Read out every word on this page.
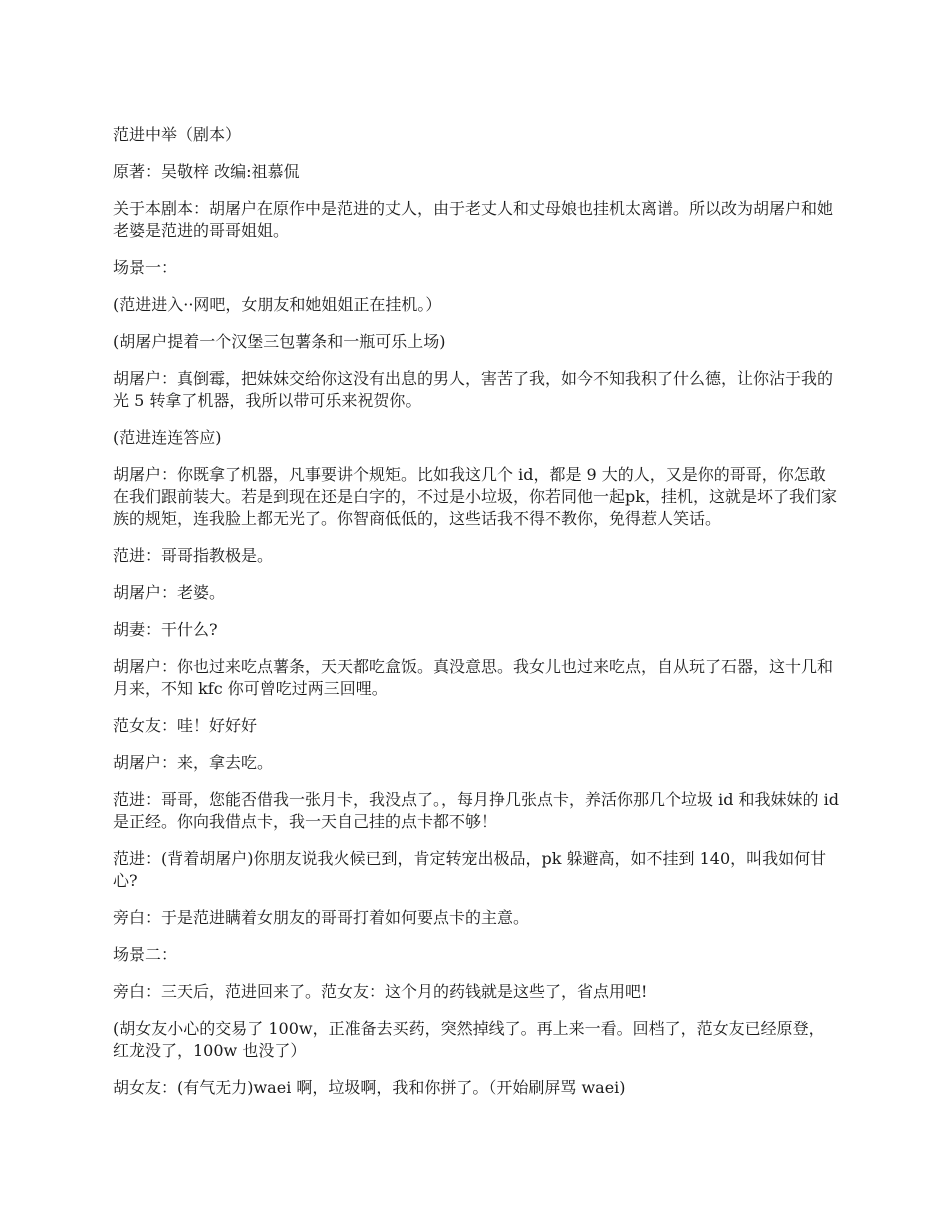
范进中举（剧本）

原著：吴敬梓 改编:祖慕侃

关于本剧本：胡屠户在原作中是范进的丈人，由于老丈人和丈母娘也挂机太离谱。所以改为胡屠户和她老婆是范进的哥哥姐姐。

场景一：

(范进进入··网吧，女朋友和她姐姐正在挂机。）

(胡屠户提着一个汉堡三包薯条和一瓶可乐上场)

胡屠户：真倒霉，把妹妹交给你这没有出息的男人，害苦了我，如今不知我积了什么德，让你沾于我的光 5 转拿了机器，我所以带可乐来祝贺你。

(范进连连答应)

胡屠户：你既拿了机器，凡事要讲个规矩。比如我这几个 id，都是 9 大的人，又是你的哥哥，你怎敢在我们跟前装大。若是到现在还是白字的，不过是小垃圾，你若同他一起pk，挂机，这就是坏了我们家族的规矩，连我脸上都无光了。你智商低低的，这些话我不得不教你，免得惹人笑话。

范进：哥哥指教极是。

胡屠户：老婆。

胡妻：干什么?

胡屠户：你也过来吃点薯条，天天都吃盒饭。真没意思。我女儿也过来吃点，自从玩了石器，这十几和月来，不知 kfc 你可曾吃过两三回哩。

范女友：哇！好好好

胡屠户：来，拿去吃。

范进：哥哥，您能否借我一张月卡，我没点了。，每月挣几张点卡，养活你那几个垃圾 id 和我妹妹的 id 是正经。你向我借点卡，我一天自己挂的点卡都不够！

范进：(背着胡屠户)你朋友说我火候已到，肯定转宠出极品，pk 躲避高，如不挂到 140，叫我如何甘心?

旁白：于是范进瞒着女朋友的哥哥打着如何要点卡的主意。

场景二：

旁白：三天后，范进回来了。范女友：这个月的药钱就是这些了，省点用吧!

(胡女友小心的交易了 100w，正准备去买药，突然掉线了。再上来一看。回档了，范女友已经原登，红龙没了，100w 也没了）

胡女友：(有气无力)waei 啊，垃圾啊，我和你拼了。（开始刷屏骂 waei)
